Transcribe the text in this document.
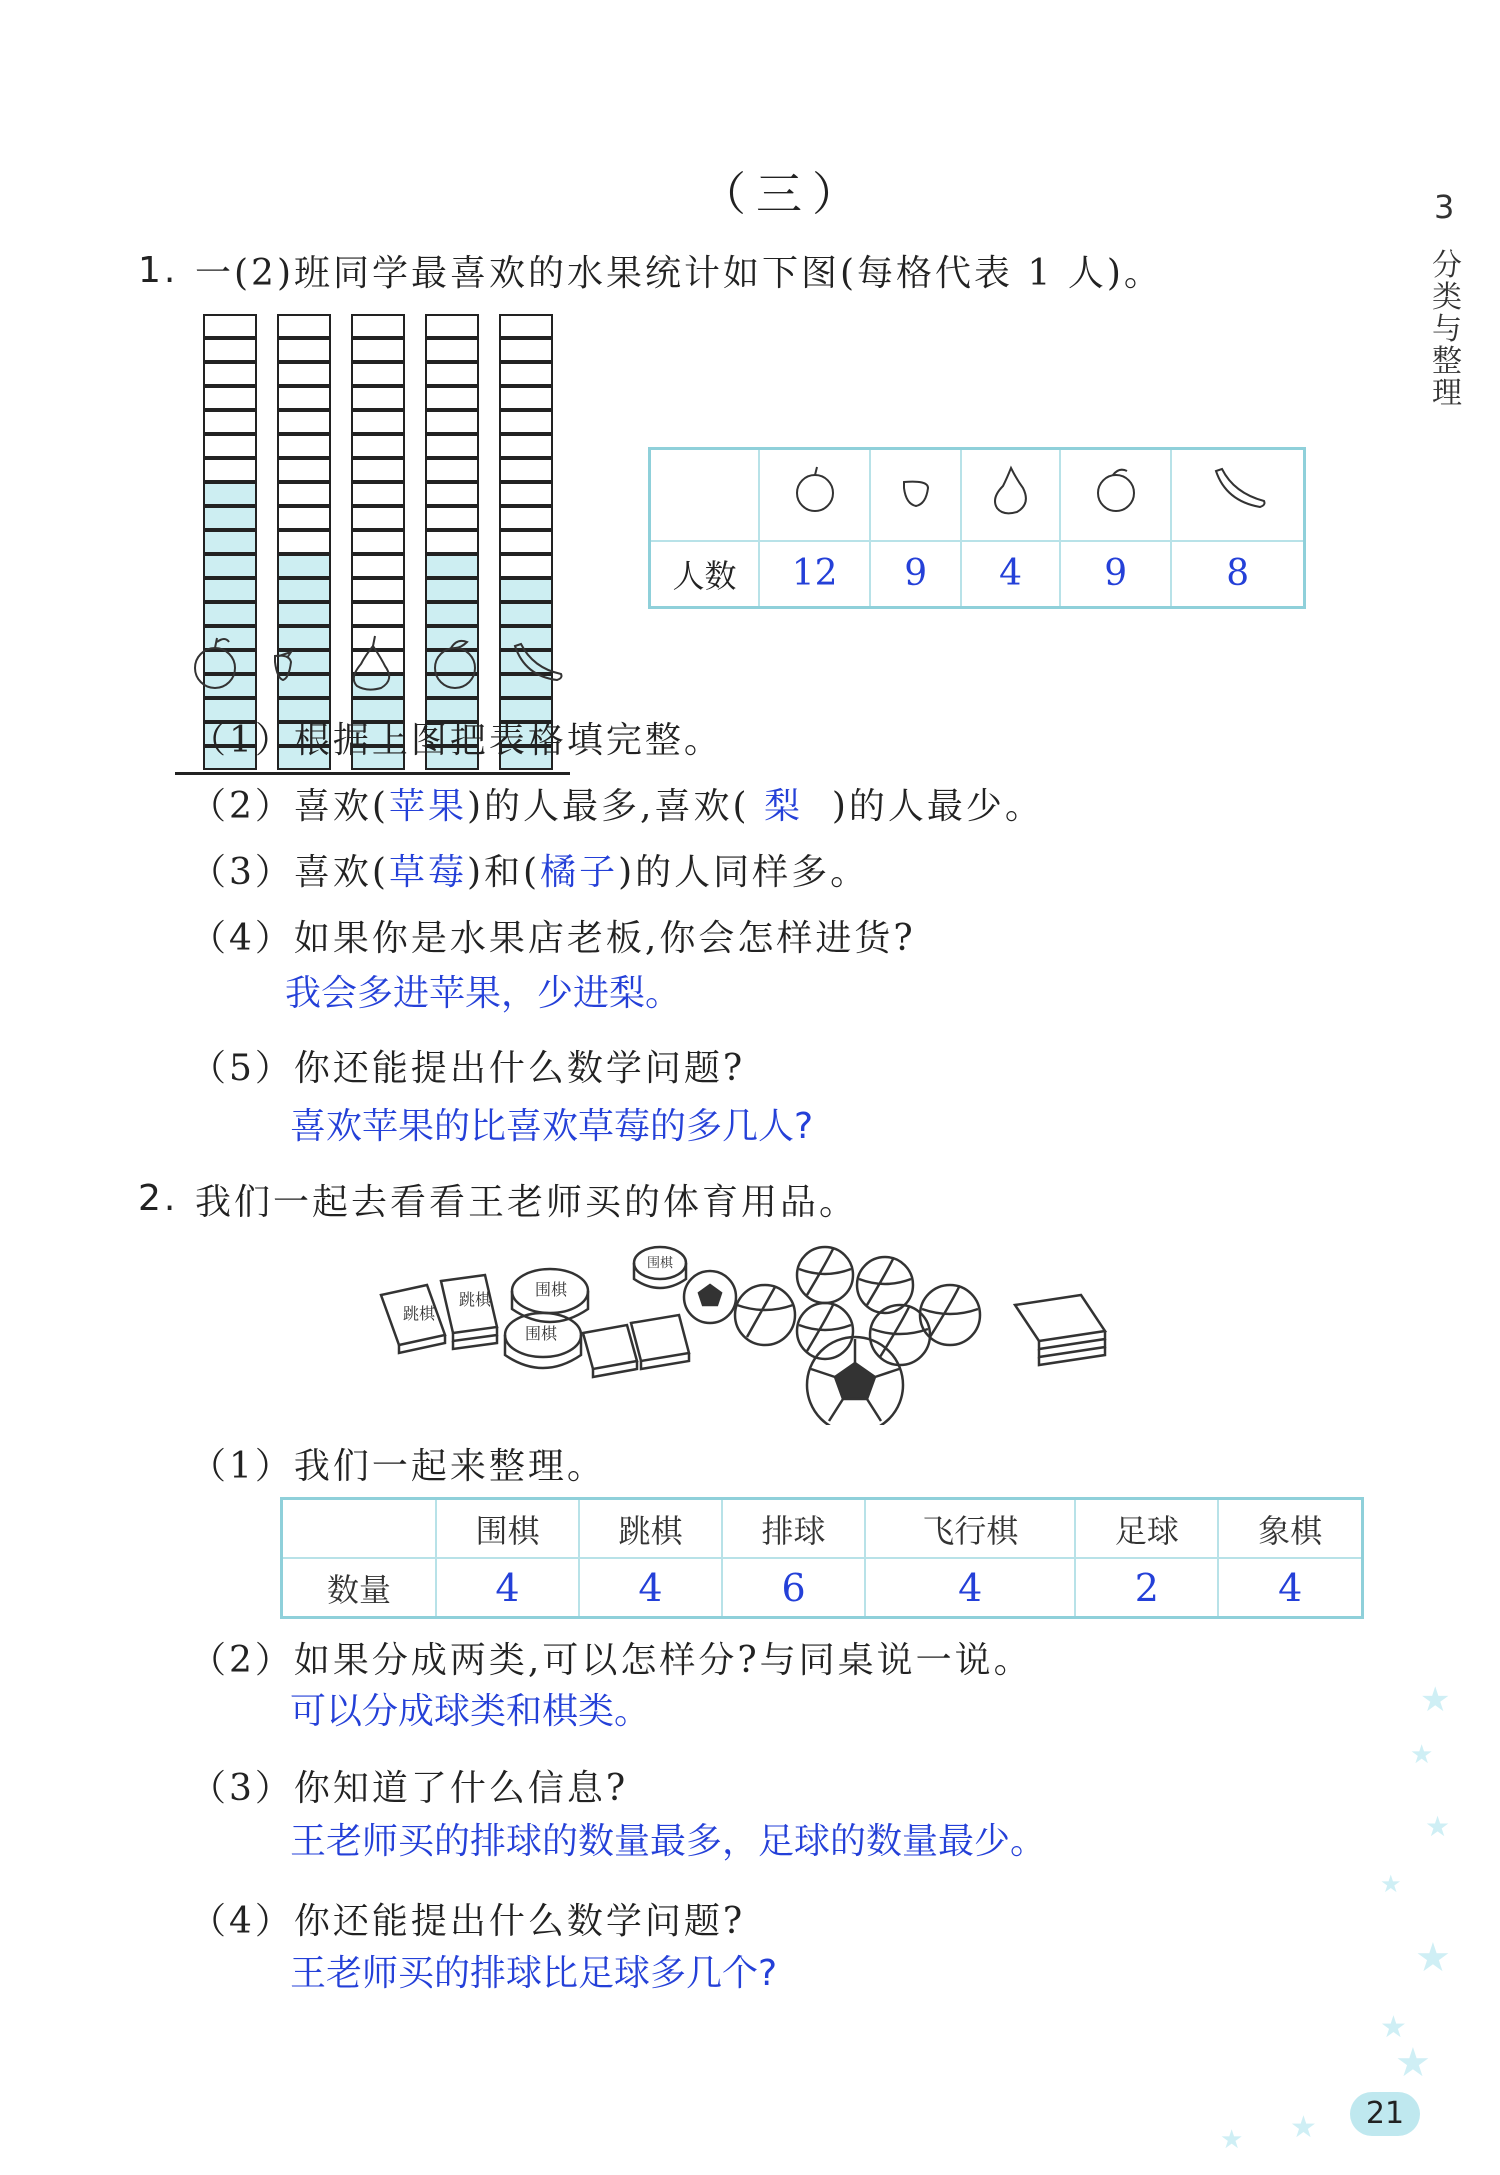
（三）	3
分类与整理
1. 一(2)班同学最喜欢的水果统计如下图(每格代表 1 人)。

人数	12	9	4	9	8
（1）根据上图把表格填完整。
（2）喜欢(苹果)的人最多,喜欢( 梨 )的人最少。
（3）喜欢(草莓)和(橘子)的人同样多。
（4）如果你是水果店老板,你会怎样进货?
我会多进苹果，少进梨。
（5）你还能提出什么数学问题?
喜欢苹果的比喜欢草莓的多几人?
2. 我们一起去看看王老师买的体育用品。
跳棋
跳棋
围棋
围棋
围棋
（1）我们一起来整理。
	围棋	跳棋	排球	飞行棋	足球	象棋
数量	4	4	6	4	2	4
（2）如果分成两类,可以怎样分?与同桌说一说。
可以分成球类和棋类。
（3）你知道了什么信息?
王老师买的排球的数量最多，足球的数量最少。
（4）你还能提出什么数学问题?
王老师买的排球比足球多几个?
★
★
★
★
★
★
★
★
★
21
